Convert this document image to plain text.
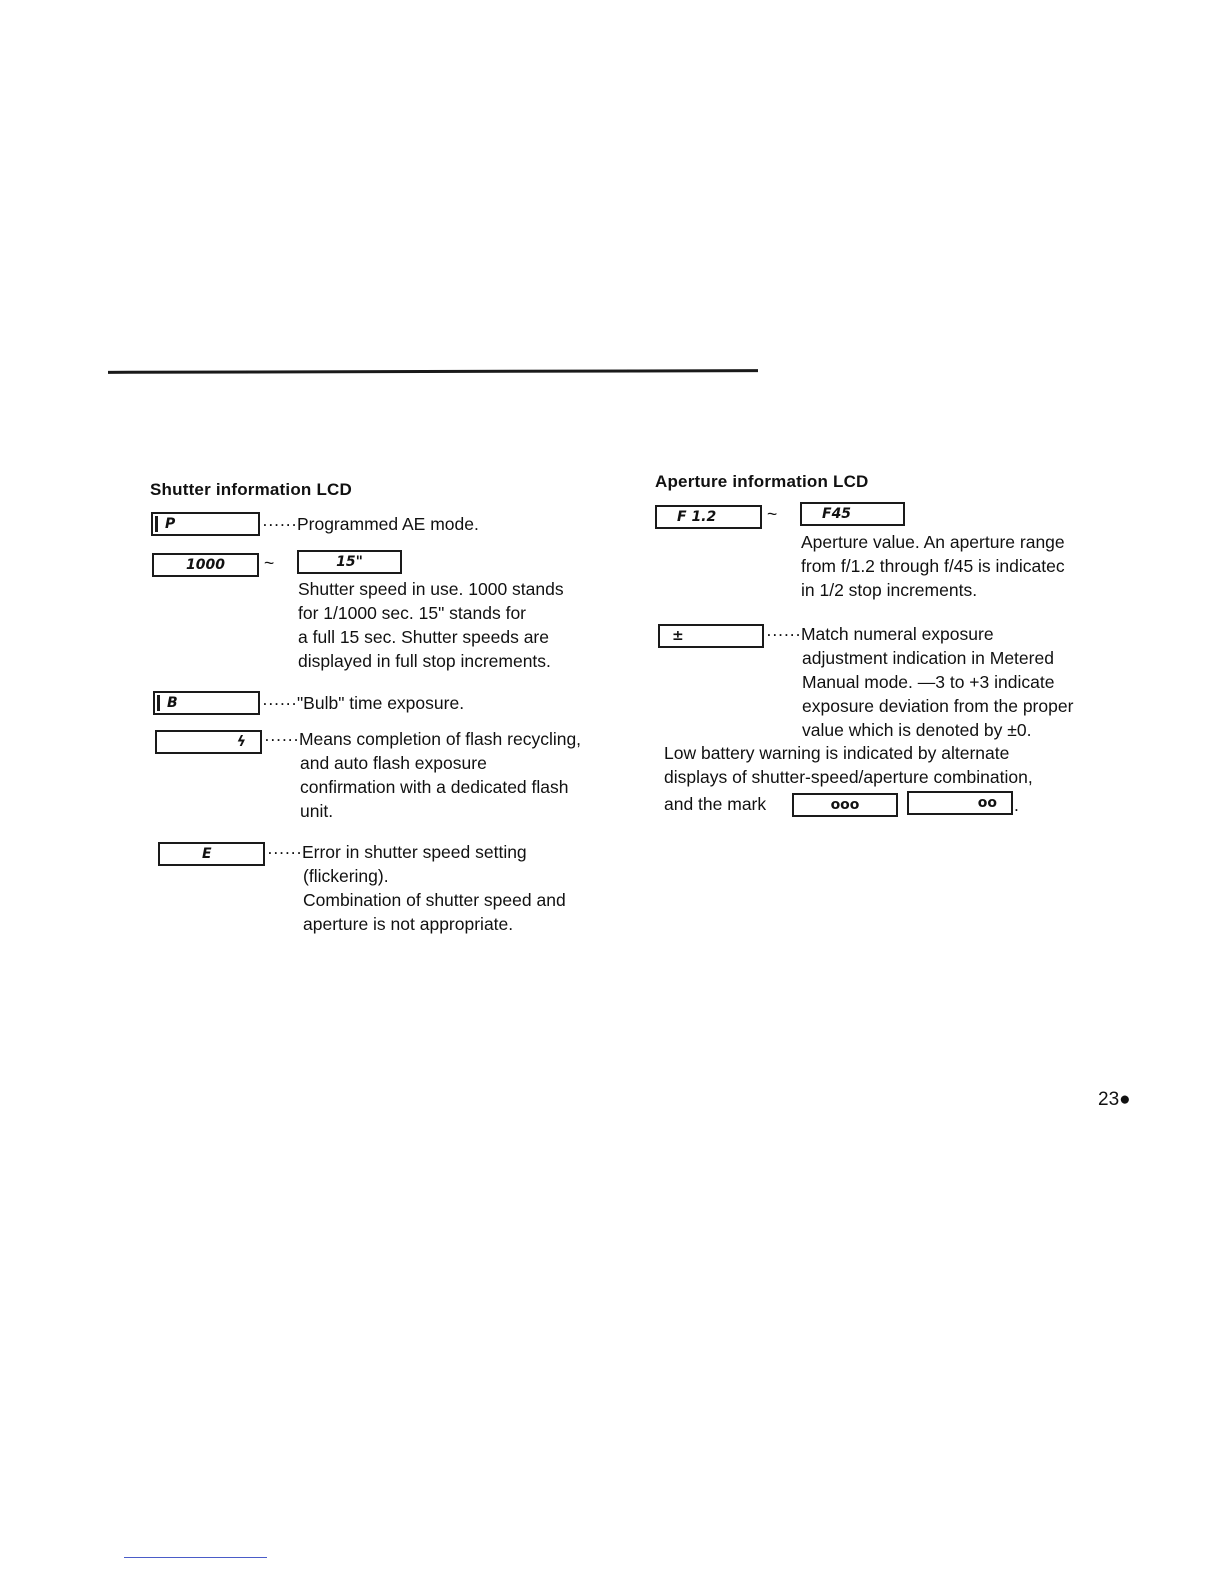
Shutter information LCD
P	······Programmed AE mode.
1000	~	15"
Shutter speed in use. 1000 stands
for 1/1000 sec. 15" stands for
a full 15 sec. Shutter speeds are
displayed in full stop increments.
B	······"Bulb" time exposure.
ϟ	······Means completion of flash recycling,
and auto flash exposure
confirmation with a dedicated flash
unit.
E	······Error in shutter speed setting
(flickering).
Combination of shutter speed and
aperture is not appropriate.
Aperture information LCD
F 1.2	~	F45
Aperture value. An aperture range
from f/1.2 through f/45 is indicatec
in 1/2 stop increments.
±	······Match numeral exposure
adjustment indication in Metered
Manual mode. —3 to +3 indicate
exposure deviation from the proper
value which is denoted by ±0.
Low battery warning is indicated by alternate
displays of shutter-speed/aperture combination,
and the mark	ooo	oo .
23●
